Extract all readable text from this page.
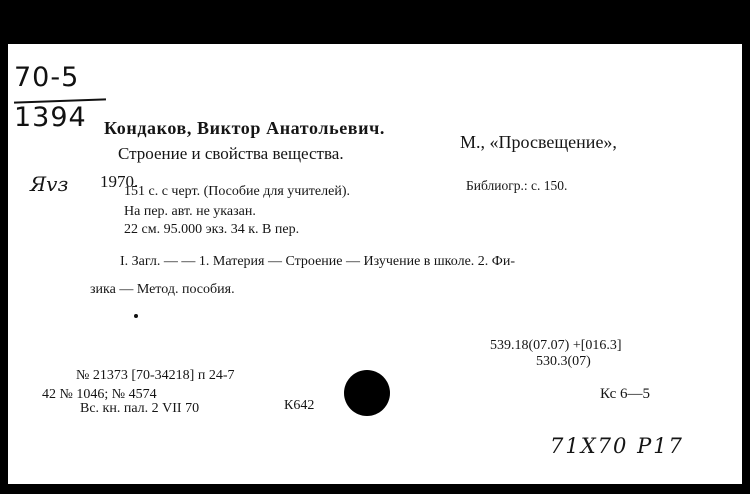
70-5
1394
Яvз
Кондаков, Виктор Анатольевич.
Строение и свойства вещества.
М., «Просвещение»,
1970.
151 с. с черт. (Пособие для учителей).	Библиогр.: с. 150.
На пер. авт. не указан.
22 см. 95.000 экз. 34 к. В пер.
I. Загл. — — 1. Материя — Строение — Изучение в школе. 2. Фи-
зика — Метод. пособия.
539.18(07.07) +[016.3]
530.3(07)
№ 21373 [70-34218] п 24-7
42 № 1046; № 4574
Вс. кн. пал. 2 VII 70	К642
Кс 6—5
71X70 P17
